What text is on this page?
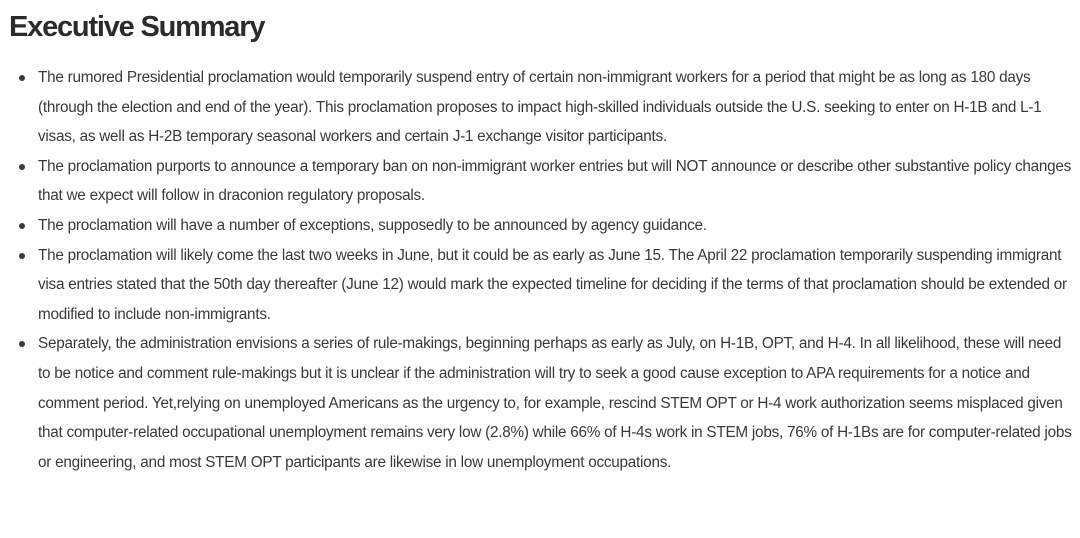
Executive Summary
The rumored Presidential proclamation would temporarily suspend entry of certain non-immigrant workers for a period that might be as long as 180 days (through the election and end of the year). This proclamation proposes to impact high-skilled individuals outside the U.S. seeking to enter on H-1B and L-1 visas, as well as H-2B temporary seasonal workers and certain J-1 exchange visitor participants.
The proclamation purports to announce a temporary ban on non-immigrant worker entries but will NOT announce or describe other substantive policy changes that we expect will follow in draconion regulatory proposals.
The proclamation will have a number of exceptions, supposedly to be announced by agency guidance.
The proclamation will likely come the last two weeks in June, but it could be as early as June 15. The April 22 proclamation temporarily suspending immigrant visa entries stated that the 50th day thereafter (June 12) would mark the expected timeline for deciding if the terms of that proclamation should be extended or modified to include non-immigrants.
Separately, the administration envisions a series of rule-makings, beginning perhaps as early as July, on H-1B, OPT, and H-4. In all likelihood, these will need to be notice and comment rule-makings but it is unclear if the administration will try to seek a good cause exception to APA requirements for a notice and comment period. Yet,relying on unemployed Americans as the urgency to, for example, rescind STEM OPT or H-4 work authorization seems misplaced given that computer-related occupational unemployment remains very low (2.8%) while 66% of H-4s work in STEM jobs, 76% of H-1Bs are for computer-related jobs or engineering, and most STEM OPT participants are likewise in low unemployment occupations.
